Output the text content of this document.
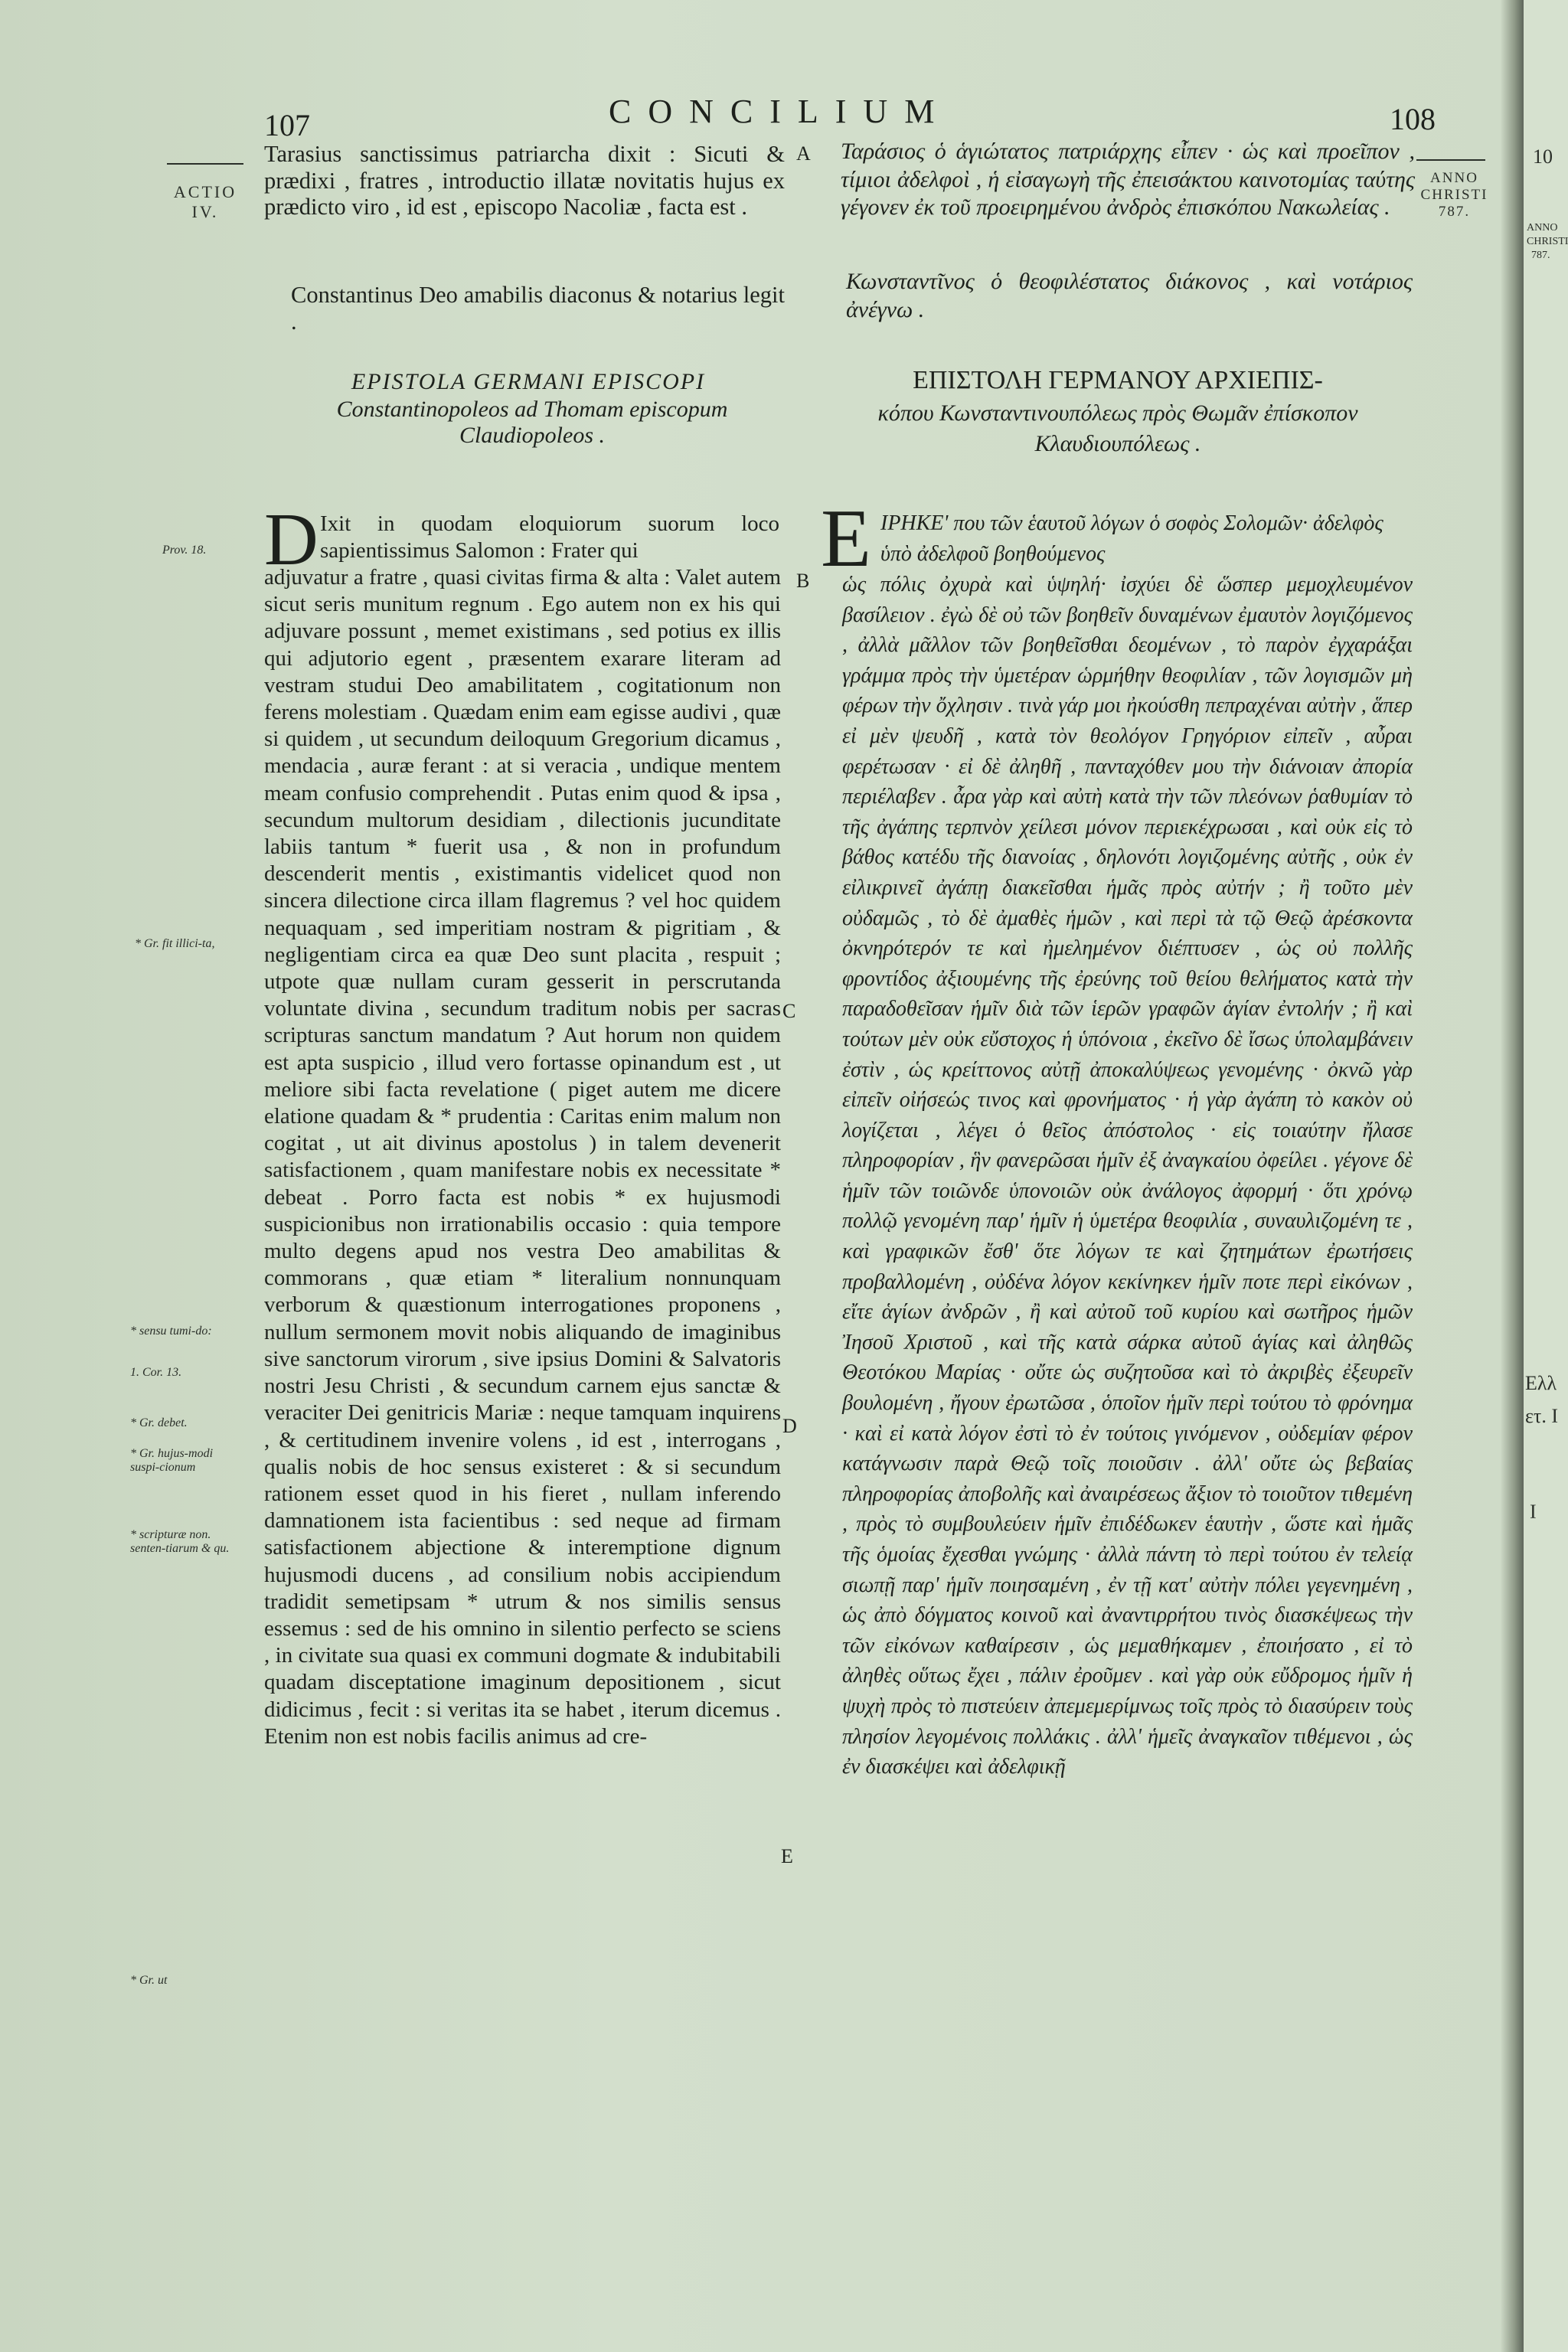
107	CONCILIUM	108
ACTIO IV.
ANNO CHRISTI 787.
Tarasius sanctissimus patriarcha dixit : Sicuti & prædixi , fratres , introductio illatæ novitatis hujus ex prædicto viro , id est , episcopo Nacoliæ , facta est .
Constantinus Deo amabilis diaconus & notarius legit .
EPISTOLA GERMANI EPISCOPI
Constantinopoleos ad Thomam episcopum Claudiopoleos .
Ταράσιος ὁ ἁγιώτατος πατριάρχης εἶπεν · ὡς καὶ προεῖπον , τίμιοι ἀδελφοὶ , ἡ εἰσαγωγὴ τῆς ἐπεισάκτου καινοτομίας ταύτης γέγονεν ἐκ τοῦ προειρημένου ἀνδρὸς ἐπισκόπου Νακωλείας .
Κωνσταντῖνος ὁ θεοφιλέστατος διάκονος , καὶ νοτάριος ἀνέγνω .
ΕΠΙΣΤΟΛΗ ΓΕΡΜΑΝΟΥ ΑΡΧΙΕΠΙΣ-
κόπου Κωνσταντινουπόλεως πρὸς Θωμᾶν ἐπίσκοπον Κλαυδιουπόλεως .
A
B
C
D
E
Prov. 18.
* Gr. fit illici-ta,
* sensu tumi-do:
1. Cor. 13.
* Gr. debet.
* Gr. hujus-modi suspi-cionum
* scripturæ non. senten-tiarum & qu.
* Gr. ut
D Ixit in quodam eloquiorum suorum loco sapientissimus Salomon : Frater qui
adjuvatur a fratre , quasi civitas firma & alta : Valet autem sicut seris munitum regnum . Ego autem non ex his qui adjuvare possunt , memet existimans , sed potius ex illis qui adjutorio egent , præsentem exarare literam ad vestram studui Deo amabilitatem , cogitationum non ferens molestiam . Quædam enim eam egisse audivi , quæ si quidem , ut secundum deiloquum Gregorium dicamus , mendacia , auræ ferant : at si veracia , undique mentem meam confusio comprehendit . Putas enim quod & ipsa , secundum multorum desidiam , dilectionis jucunditate labiis tantum * fuerit usa , & non in profundum descenderit mentis , existimantis videlicet quod non sincera dilectione circa illam flagremus ? vel hoc quidem nequaquam , sed imperitiam nostram & pigritiam , & negligentiam circa ea quæ Deo sunt placita , respuit ; utpote quæ nullam curam gesserit in perscrutanda voluntate divina , secundum traditum nobis per sacras scripturas sanctum mandatum ? Aut horum non quidem est apta suspicio , illud vero fortasse opinandum est , ut meliore sibi facta revelatione ( piget autem me dicere elatione quadam & * prudentia : Caritas enim malum non cogitat , ut ait divinus apostolus ) in talem devenerit satisfactionem , quam manifestare nobis ex necessitate * debeat . Porro facta est nobis * ex hujusmodi suspicionibus non irrationabilis occasio : quia tempore multo degens apud nos vestra Deo amabilitas & commorans , quæ etiam * literalium nonnunquam verborum & quæstionum interrogationes proponens , nullum sermonem movit nobis aliquando de imaginibus sive sanctorum virorum , sive ipsius Domini & Salvatoris nostri Jesu Christi , & secundum carnem ejus sanctæ & veraciter Dei genitricis Mariæ : neque tamquam inquirens , & certitudinem invenire volens , id est , interrogans , qualis nobis de hoc sensus existeret : & si secundum rationem esset quod in his fieret , nullam inferendo damnationem ista facientibus : sed neque ad firmam satisfactionem abjectione & interemptione dignum hujusmodi ducens , ad consilium nobis accipiendum tradidit semetipsam * utrum & nos similis sensus essemus : sed de his omnino in silentio perfecto se sciens , in civitate sua quasi ex communi dogmate & indubitabili quadam disceptatione imaginum depositionem , sicut didicimus , fecit : si veritas ita se habet , iterum dicemus . Etenim non est nobis facilis animus ad cre-
Ε ΙΡΗΚΕ' που τῶν ἑαυτοῦ λόγων ὁ σοφὸς Σολομῶν· ἀδελφὸς ὑπὸ ἀδελφοῦ βοηθούμενος
ὡς πόλις ὀχυρὰ καὶ ὑψηλή· ἰσχύει δὲ ὥσπερ μεμοχλευμένον βασίλειον . ἐγὼ δὲ οὐ τῶν βοηθεῖν δυναμένων ἐμαυτὸν λογιζόμενος , ἀλλὰ μᾶλλον τῶν βοηθεῖσθαι δεομένων , τὸ παρὸν ἐγχαράξαι γράμμα πρὸς τὴν ὑμετέραν ὡρμήθην θεοφιλίαν , τῶν λογισμῶν μὴ φέρων τὴν ὄχλησιν . τινὰ γάρ μοι ἠκούσθη πεπραχέναι αὐτὴν , ἅπερ εἰ μὲν ψευδῆ , κατὰ τὸν θεολόγον Γρηγόριον εἰπεῖν , αὖραι φερέτωσαν · εἰ δὲ ἀληθῆ , πανταχόθεν μου τὴν διάνοιαν ἀπορία περιέλαβεν . ἆρα γὰρ καὶ αὐτὴ κατὰ τὴν τῶν πλεόνων ῥαθυμίαν τὸ τῆς ἀγάπης τερπνὸν χείλεσι μόνον περιεκέχρωσαι , καὶ οὐκ εἰς τὸ βάθος κατέδυ τῆς διανοίας , δηλονότι λογιζομένης αὐτῆς , οὐκ ἐν εἰλικρινεῖ ἀγάπῃ διακεῖσθαι ἡμᾶς πρὸς αὐτήν ; ἢ τοῦτο μὲν οὐδαμῶς , τὸ δὲ ἀμαθὲς ἡμῶν , καὶ περὶ τὰ τῷ Θεῷ ἀρέσκοντα ὀκνηρότερόν τε καὶ ἠμελημένον διέπτυσεν , ὡς οὐ πολλῆς φροντίδος ἀξιουμένης τῆς ἐρεύνης τοῦ θείου θελήματος κατὰ τὴν παραδοθεῖσαν ἡμῖν διὰ τῶν ἱερῶν γραφῶν ἁγίαν ἐντολήν ; ἢ καὶ τούτων μὲν οὐκ εὔστοχος ἡ ὑπόνοια , ἐκεῖνο δὲ ἴσως ὑπολαμβάνειν ἐστὶν , ὡς κρείττονος αὐτῇ ἀποκαλύψεως γενομένης · ὀκνῶ γὰρ εἰπεῖν οἰήσεώς τινος καὶ φρονήματος · ἡ γὰρ ἀγάπη τὸ κακὸν οὐ λογίζεται , λέγει ὁ θεῖος ἀπόστολος · εἰς τοιαύτην ἤλασε πληροφορίαν , ἣν φανερῶσαι ἡμῖν ἐξ ἀναγκαίου ὀφείλει . γέγονε δὲ ἡμῖν τῶν τοιῶνδε ὑπονοιῶν οὐκ ἀνάλογος ἀφορμή · ὅτι χρόνῳ πολλῷ γενομένη παρ' ἡμῖν ἡ ὑμετέρα θεοφιλία , συναυλιζομένη τε , καὶ γραφικῶν ἔσθ' ὅτε λόγων τε καὶ ζητημάτων ἐρωτήσεις προβαλλομένη , οὐδένα λόγον κεκίνηκεν ἡμῖν ποτε περὶ εἰκόνων , εἴτε ἁγίων ἀνδρῶν , ἢ καὶ αὐτοῦ τοῦ κυρίου καὶ σωτῆρος ἡμῶν Ἰησοῦ Χριστοῦ , καὶ τῆς κατὰ σάρκα αὐτοῦ ἁγίας καὶ ἀληθῶς Θεοτόκου Μαρίας · οὔτε ὡς συζητοῦσα καὶ τὸ ἀκριβὲς ἐξευρεῖν βουλομένη , ἤγουν ἐρωτῶσα , ὁποῖον ἡμῖν περὶ τούτου τὸ φρόνημα · καὶ εἰ κατὰ λόγον ἐστὶ τὸ ἐν τούτοις γινόμενον , οὐδεμίαν φέρον κατάγνωσιν παρὰ Θεῷ τοῖς ποιοῦσιν . ἀλλ' οὔτε ὡς βεβαίας πληροφορίας ἀποβολῆς καὶ ἀναιρέσεως ἄξιον τὸ τοιοῦτον τιθεμένη , πρὸς τὸ συμβουλεύειν ἡμῖν ἐπιδέδωκεν ἑαυτὴν , ὥστε καὶ ἡμᾶς τῆς ὁμοίας ἔχεσθαι γνώμης · ἀλλὰ πάντη τὸ περὶ τούτου ἐν τελείᾳ σιωπῇ παρ' ἡμῖν ποιησαμένη , ἐν τῇ κατ' αὐτὴν πόλει γεγενημένη , ὡς ἀπὸ δόγματος κοινοῦ καὶ ἀναντιρρήτου τινὸς διασκέψεως τὴν τῶν εἰκόνων καθαίρεσιν , ὡς μεμαθήκαμεν , ἐποιήσατο , εἰ τὸ ἀληθὲς οὕτως ἔχει , πάλιν ἐροῦμεν . καὶ γὰρ οὐκ εὔδρομος ἡμῖν ἡ ψυχὴ πρὸς τὸ πιστεύειν ἀπεμεμερίμνως τοῖς πρὸς τὸ διασύρειν τοὺς πλησίον λεγομένοις πολλάκις . ἀλλ' ἡμεῖς ἀναγκαῖον τιθέμενοι , ὡς ἐν διασκέψει καὶ ἀδελφικῇ
10
ANNO
CHRISTI
787.
Ελλ
ετ. Ι
Ι
